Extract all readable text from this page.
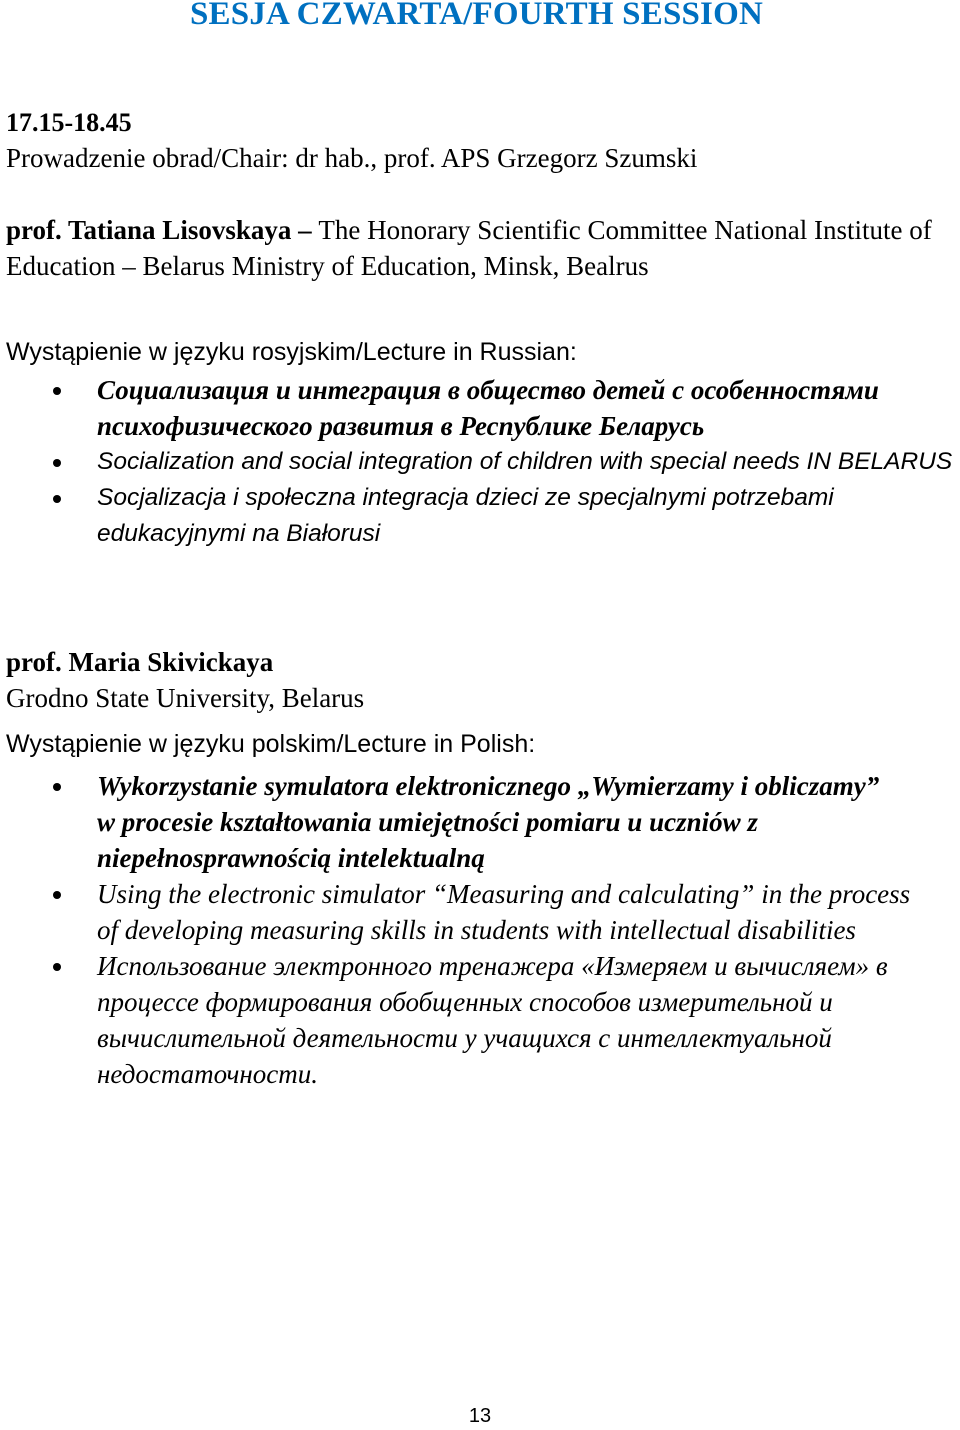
SESJA CZWARTA/FOURTH SESSION
17.15-18.45
Prowadzenie obrad/Chair: dr hab., prof. APS Grzegorz Szumski
prof. Tatiana Lisovskaya – The Honorary Scientific Committee National Institute of Education – Belarus Ministry of Education, Minsk, Bealrus
Wystąpienie w języku rosyjskim/Lecture in Russian:
Социализация и интеграция в общество детей с особенностями психофизического развития в Республике Беларусь
Socialization and social integration of children with special needs IN BELARUS
Socjalizacja i społeczna integracja dzieci ze specjalnymi potrzebami edukacyjnymi na Białorusi
prof. Maria Skivickaya
Grodno State University, Belarus
Wystąpienie w języku polskim/Lecture in Polish:
Wykorzystanie symulatora elektronicznego „Wymierzamy i obliczamy” w procesie kształtowania umiejętności pomiaru u uczniów z niepełnosprawnością intelektualną
Using the electronic simulator “Measuring and calculating” in the process of developing measuring skills in students with intellectual disabilities
Использование электронного тренажера «Измеряем и вычисляем» в процессе формирования обобщенных способов измерительной и вычислительной деятельности у учащихся с интеллектуальной недостаточности.
13
